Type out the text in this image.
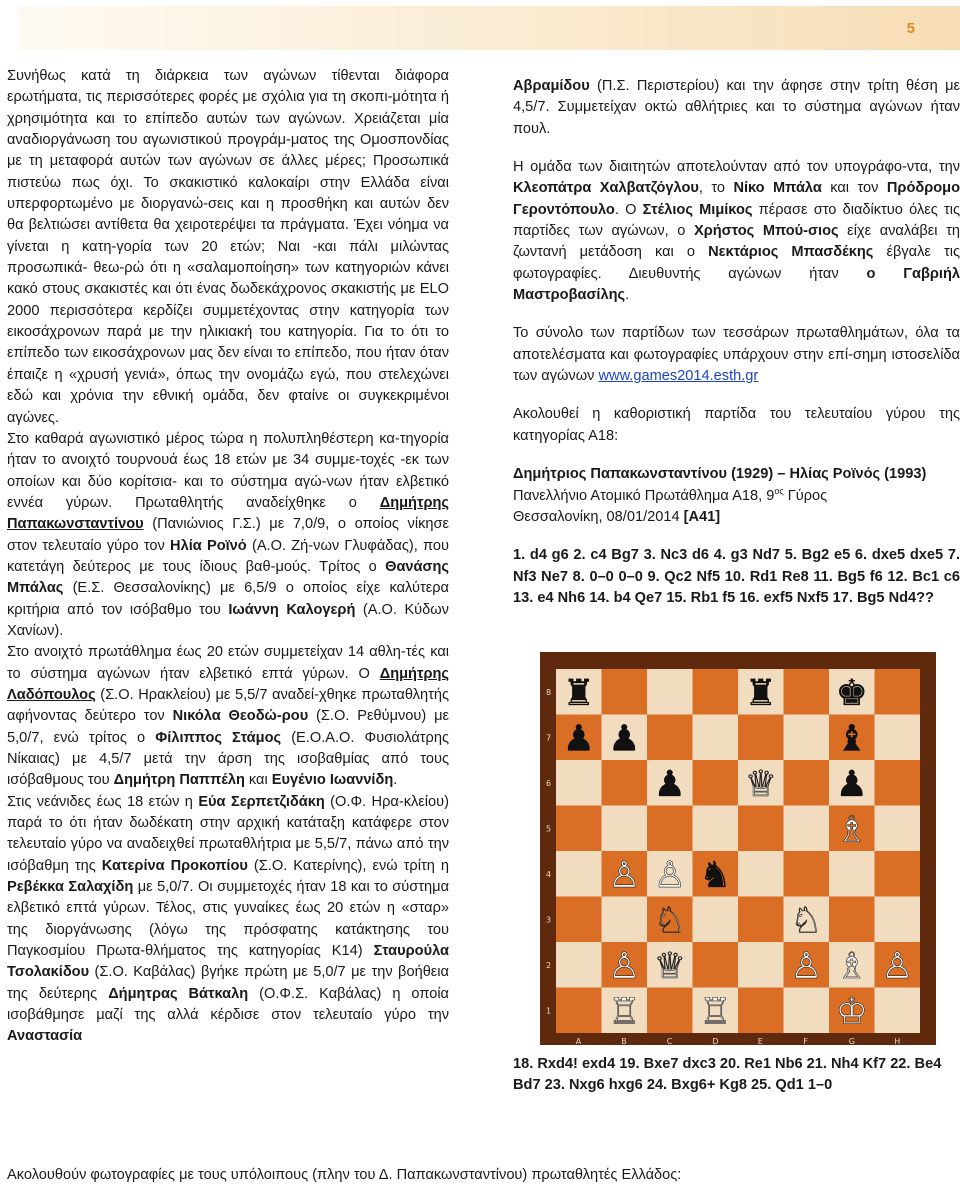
5

Συνήθως κατά τη διάρκεια των αγώνων τίθενται διάφορα ερωτήματα, τις περισσότερες φορές με σχόλια για τη σκοπι-μότητα ή χρησιμότητα και το επίπεδο αυτών των αγώνων. Χρειάζεται μία αναδιοργάνωση του αγωνιστικού προγράμ-ματος της Ομοσπονδίας με τη μεταφορά αυτών των αγώνων σε άλλες μέρες; Προσωπικά πιστεύω πως όχι. Το σκακιστικό καλοκαίρι στην Ελλάδα είναι υπερφορτωμένο με διοργανώ-σεις και η προσθήκη και αυτών δεν θα βελτιώσει αντίθετα θα χειροτερέψει τα πράγματα. Έχει νόημα να γίνεται η κατη-γορία των 20 ετών; Ναι -και πάλι μιλώντας προσωπικά- θεω-ρώ ότι η «σαλαμοποίηση» των κατηγοριών κάνει κακό στους σκακιστές και ότι ένας δωδεκάχρονος σκακιστής με ΕLO 2000 περισσότερα κερδίζει συμμετέχοντας στην κατηγορία των εικοσάχρονων παρά με την ηλικιακή του κατηγορία. Για το ότι το επίπεδο των εικοσάχρονων μας δεν είναι το επίπεδο, που ήταν όταν έπαιζε η «χρυσή γενιά», όπως την ονομάζω εγώ, που στελεχώνει εδώ και χρόνια την εθνική ομάδα, δεν φταίνε οι συγκεκριμένοι αγώνες.

Στο καθαρά αγωνιστικό μέρος τώρα η πολυπληθέστερη κα-τηγορία ήταν το ανοιχτό τουρνουά έως 18 ετών με 34 συμμε-τοχές -εκ των οποίων και δύο κορίτσια- και το σύστημα αγώ-νων ήταν ελβετικό εννέα γύρων. Πρωταθλητής αναδείχθηκε ο Δημήτρης Παπακωνσταντίνου (Πανιώνιος Γ.Σ.) με 7,0/9, ο οποίος νίκησε στον τελευταίο γύρο τον Ηλία Ροϊνό (Α.Ο. Ζή-νων Γλυφάδας), που κατετάγη δεύτερος με τους ίδιους βαθ-μούς. Τρίτος ο Θανάσης Μπάλας (Ε.Σ. Θεσσαλονίκης) με 6,5/9 ο οποίος είχε καλύτερα κριτήρια από τον ισόβαθμο του Ιωάννη Καλογερή (Α.Ο. Κύδων Χανίων).

Στο ανοιχτό πρωτάθλημα έως 20 ετών συμμετείχαν 14 αθλη-τές και το σύστημα αγώνων ήταν ελβετικό επτά γύρων. Ο Δημήτρης Λαδόπουλος (Σ.Ο. Ηρακλείου) με 5,5/7 αναδεί-χθηκε πρωταθλητής αφήνοντας δεύτερο τον Νικόλα Θεοδώ-ρου (Σ.Ο. Ρεθύμνου) με 5,0/7, ενώ τρίτος ο Φίλιππος Στάμος (Ε.Ο.Α.Ο. Φυσιολάτρης Νίκαιας) με 4,5/7 μετά την άρση της ισοβαθμίας από τους ισόβαθμους του Δημήτρη Παππέλη και Ευγένιο Ιωαννίδη.

Στις νεάνιδες έως 18 ετών η Εύα Σερπετζιδάκη (Ο.Φ. Ηρα-κλείου) παρά το ότι ήταν δωδέκατη στην αρχική κατάταξη κατάφερε στον τελευταίο γύρο να αναδειχθεί πρωταθλήτρια με 5,5/7, πάνω από την ισόβαθμη της Κατερίνα Προκοπίου (Σ.Ο. Κατερίνης), ενώ τρίτη η Ρεβέκκα Σαλαχίδη με 5,0/7. Οι συμμετοχές ήταν 18 και το σύστημα ελβετικό επτά γύρων. Τέλος, στις γυναίκες έως 20 ετών η «σταρ» της διοργάνωσης (λόγω της πρόσφατης κατάκτησης του Παγκοσμίου Πρωτα-θλήματος της κατηγορίας Κ14) Σταυρούλα Τσολακίδου (Σ.Ο. Καβάλας) βγήκε πρώτη με 5,0/7 με την βοήθεια της δεύτερης Δήμητρας Βάτκαλη (Ο.Φ.Σ. Καβάλας) η οποία ισοβάθμησε μαζί της αλλά κέρδισε στον τελευταίο γύρο την Αναστασία

Αβραμίδου (Π.Σ. Περιστερίου) και την άφησε στην τρίτη θέση με 4,5/7. Συμμετείχαν οκτώ αθλήτριες και το σύστημα αγώνων ήταν πουλ.

Η ομάδα των διαιτητών αποτελούνταν από τον υπογράφο-ντα, την Κλεοπάτρα Χαλβατζόγλου, το Νίκο Μπάλα και τον Πρόδρομο Γεροντόπουλο. Ο Στέλιος Μιμίκος πέρασε στο διαδίκτυο όλες τις παρτίδες των αγώνων, ο Χρήστος Μπού-σιος είχε αναλάβει τη ζωντανή μετάδοση και ο Νεκτάριος Μπασδέκης έβγαλε τις φωτογραφίες. Διευθυντής αγώνων ήταν ο Γαβριήλ Μαστροβασίλης.

Το σύνολο των παρτίδων των τεσσάρων πρωταθλημάτων, όλα τα αποτελέσματα και φωτογραφίες υπάρχουν στην επί-σημη ιστοσελίδα των αγώνων www.games2014.esth.gr

Ακολουθεί η καθοριστική παρτίδα του τελευταίου γύρου της κατηγορίας Α18:

Δημήτριος Παπακωνσταντίνου (1929) – Ηλίας Ροϊνός (1993)

Πανελλήνιο Ατομικό Πρωτάθλημα Α18, $9^{o\varsigma}$ Γύρος

Θεσσαλονίκη, 08/01/2014 [A41]

1. d4 g6 2. c4 Bg7 3. Nc3 d6 4. g3 Nd7 5. Bg2 e5 6. dxe5 dxe5 7. Nf3 Ne7 8. 0–0 0–0 9. Qc2 Nf5 10. Rd1 Re8 11. Bg5 f6 12. Bc1 c6 13. e4 Nh6 14. b4 Qe7 15. Rb1 f5 16. exf5 Nxf5 17. Bg5 Nd4??

8
7
6
5
4
3
2
1
A	B	C	D	E	F	G	H
♜	♜ ♚
♟ ♟	♝
♟ ♕ ♟
♞
♙ ♙
♙	♙ ♗ ♙
♘	♘
♕
♗
♖ ♖	♔

18. Rxd4! exd4 19. Bxe7 dxc3 20. Re1 Nb6 21. Nh4 Kf7 22. Be4 Bd7 23. Nxg6 hxg6 24. Bxg6+ Kg8 25. Qd1 1–0

Ακολουθούν φωτογραφίες με τους υπόλοιπους (πλην του Δ. Παπακωνσταντίνου) πρωταθλητές Ελλάδος:
